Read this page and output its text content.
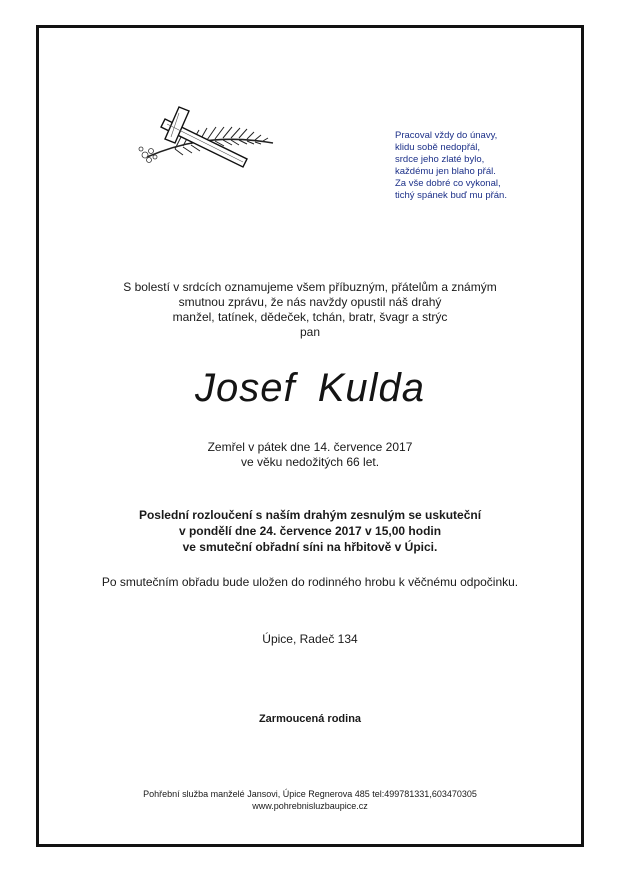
Pracoval vždy do únavy,
klidu sobě nedopřál,
srdce jeho zlaté bylo,
každému jen blaho přál.
Za vše dobré co vykonal,
tichý spánek buď mu přán.
S bolestí v srdcích oznamujeme všem příbuzným, přátelům a známým
smutnou zprávu, že nás navždy opustil náš drahý
manžel, tatínek, dědeček, tchán, bratr, švagr a strýc
pan
Josef Kulda
Zemřel v pátek dne 14. července 2017
ve věku nedožitých 66 let.
Poslední rozloučení s naším drahým zesnulým se uskuteční
v pondělí dne 24. července 2017 v 15,00 hodin
ve smuteční obřadní síni na hřbitově v Úpici.
Po smutečním obřadu bude uložen do rodinného hrobu k věčnému odpočinku.
Úpice, Radeč 134
Zarmoucená rodina
Pohřební služba manželé Jansovi, Úpice Regnerova 485 tel:499781331,603470305
www.pohrebnisluzbaupice.cz
